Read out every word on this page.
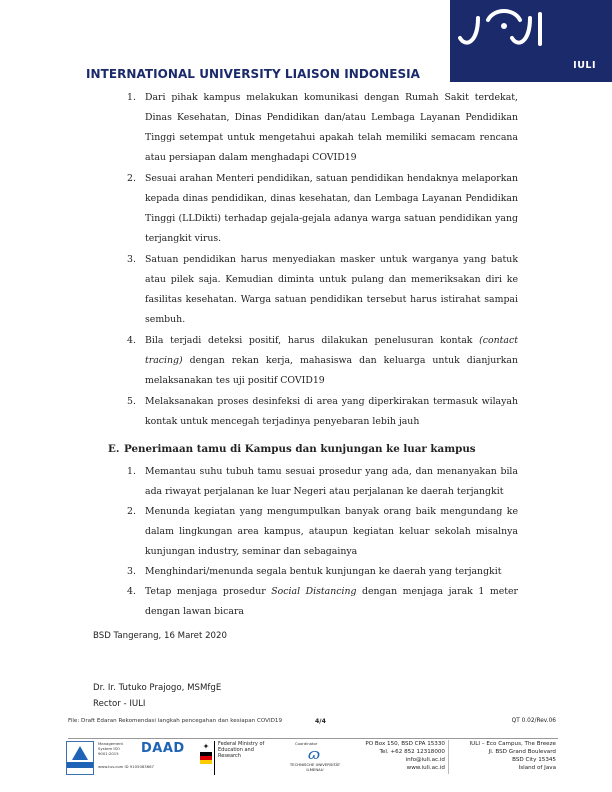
IULI
INTERNATIONAL UNIVERSITY LIAISON INDONESIA
1. Dari pihak kampus melakukan komunikasi dengan Rumah Sakit terdekat, Dinas Kesehatan, Dinas Pendidikan dan/atau Lembaga Layanan Pendidikan Tinggi setempat untuk mengetahui apakah telah memiliki semacam rencana atau persiapan dalam menghadapi COVID19
2. Sesuai arahan Menteri pendidikan, satuan pendidikan hendaknya melaporkan kepada dinas pendidikan, dinas kesehatan, dan Lembaga Layanan Pendidikan Tinggi (LLDikti) terhadap gejala-gejala adanya warga satuan pendidikan yang terjangkit virus.
3. Satuan pendidikan harus menyediakan masker untuk warganya yang batuk atau pilek saja. Kemudian diminta untuk pulang dan memeriksakan diri ke fasilitas kesehatan. Warga satuan pendidikan tersebut harus istirahat sampai sembuh.
4. Bila terjadi deteksi positif, harus dilakukan penelusuran kontak (contact tracing) dengan rekan kerja, mahasiswa dan keluarga untuk dianjurkan melaksanakan tes uji positif COVID19
5. Melaksanakan proses desinfeksi di area yang diperkirakan termasuk wilayah kontak untuk mencegah terjadinya penyebaran lebih jauh
E. Penerimaan tamu di Kampus dan kunjungan ke luar kampus
1. Memantau suhu tubuh tamu sesuai prosedur yang ada, dan menanyakan bila ada riwayat perjalanan ke luar Negeri atau perjalanan ke daerah terjangkit
2. Menunda kegiatan yang mengumpulkan banyak orang baik mengundang ke dalam lingkungan area kampus, ataupun kegiatan keluar sekolah misalnya kunjungan industry, seminar dan sebagainya
3. Menghindari/menunda segala bentuk kunjungan ke daerah yang terjangkit
4. Tetap menjaga prosedur Social Distancing dengan menjaga jarak 1 meter dengan lawan bicara
BSD Tangerang, 16 Maret 2020
Dr. Ir. Tutuko Prajogo, MSMfgE
Rector - IULI
File: Draft Edaran Rekomendasi langkah pencegahan dan kesiapan COVID19	4/4	QT 0.02/Rev.06
Management System ISO 9001:2015
www.tuv.com ID 9105083667
DAAD	✦	Federal Ministry of Education and Research
Coordinator
ɷ
TECHNISCHE UNIVERSITÄT ILMENAU
PO Box 150, BSD CPA 15330
Tel. +62 852 12318000
info@iuli.ac.id
www.iuli.ac.id
IULI – Eco Campus, The Breeze
Jl. BSD Grand Boulevard
BSD City 15345
Island of Java
